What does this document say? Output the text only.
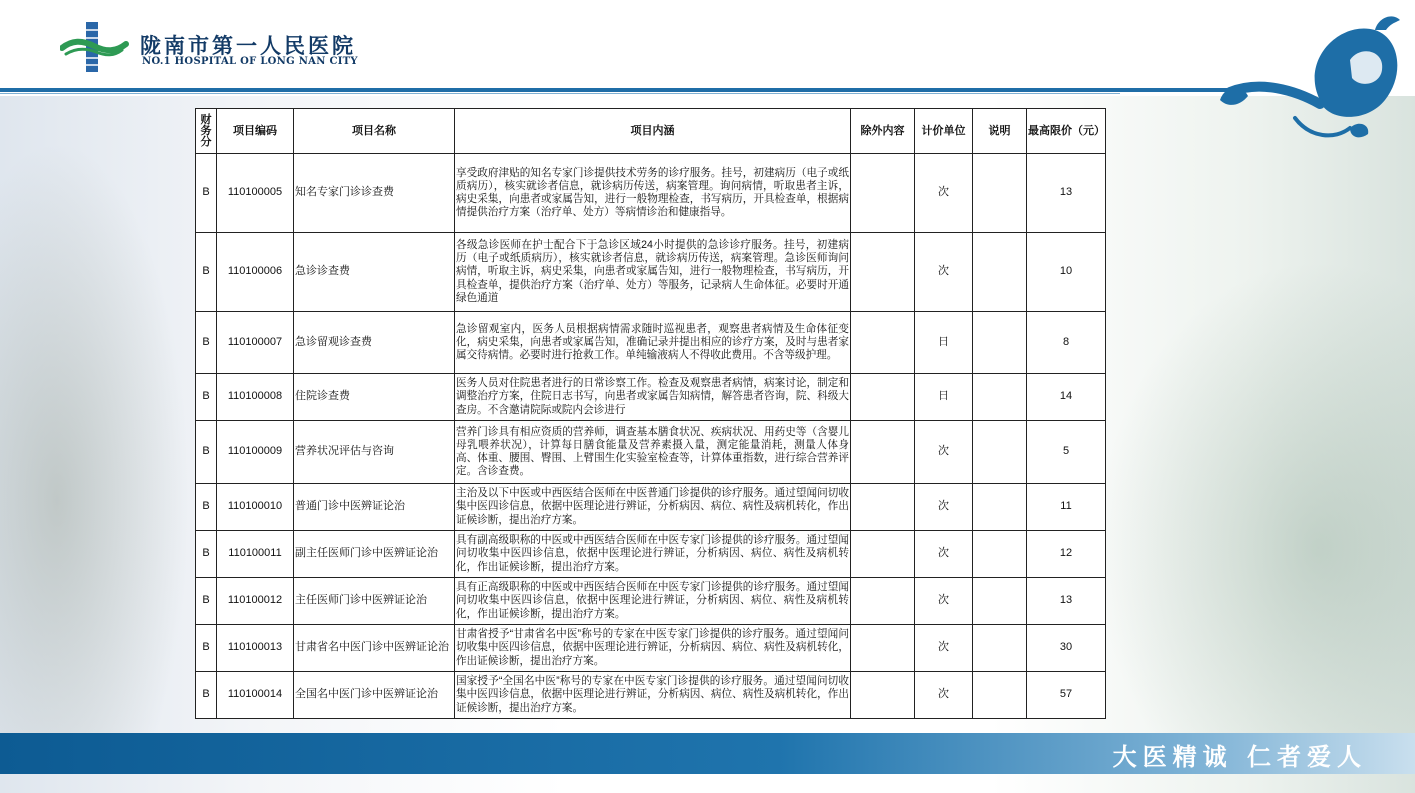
陇南市第一人民医院
NO.1 HOSPITAL OF LONG NAN CITY
财务分	项目编码	项目名称	项目内涵	除外内容	计价单位	说明	最高限价（元）
B	110100005	知名专家门诊诊查费	享受政府津贴的知名专家门诊提供技术劳务的诊疗服务。挂号，初建病历（电子或纸质病历），核实就诊者信息，就诊病历传送，病案管理。询问病情，听取患者主诉，病史采集，向患者或家属告知，进行一般物理检查，书写病历，开具检查单，根据病情提供治疗方案（治疗单、处方）等病情诊治和健康指导。		次		13
B	110100006	急诊诊查费	各级急诊医师在护士配合下于急诊区域24小时提供的急诊诊疗服务。挂号，初建病历（电子或纸质病历），核实就诊者信息，就诊病历传送，病案管理。急诊医师询问病情，听取主诉，病史采集，向患者或家属告知，进行一般物理检查，书写病历，开具检查单，提供治疗方案（治疗单、处方）等服务，记录病人生命体征。必要时开通绿色通道		次		10
B	110100007	急诊留观诊查费	急诊留观室内，医务人员根据病情需求随时巡视患者，观察患者病情及生命体征变化，病史采集，向患者或家属告知，准确记录并提出相应的诊疗方案，及时与患者家属交待病情。必要时进行抢救工作。单纯输液病人不得收此费用。不含等级护理。		日		8
B	110100008	住院诊查费	医务人员对住院患者进行的日常诊察工作。检查及观察患者病情，病案讨论，制定和调整治疗方案，住院日志书写，向患者或家属告知病情，解答患者咨询，院、科级大查房。不含邀请院际或院内会诊进行		日		14
B	110100009	营养状况评估与咨询	营养门诊具有相应资质的营养师，调查基本膳食状况、疾病状况、用药史等（含婴儿母乳喂养状况），计算每日膳食能量及营养素摄入量，测定能量消耗，测量人体身高、体重、腰围、臀围、上臂围生化实验室检查等，计算体重指数，进行综合营养评定。含诊查费。		次		5
B	110100010	普通门诊中医辨证论治	主治及以下中医或中西医结合医师在中医普通门诊提供的诊疗服务。通过望闻问切收集中医四诊信息，依据中医理论进行辨证，分析病因、病位、病性及病机转化，作出证候诊断，提出治疗方案。		次		11
B	110100011	副主任医师门诊中医辨证论治	具有副高级职称的中医或中西医结合医师在中医专家门诊提供的诊疗服务。通过望闻问切收集中医四诊信息，依据中医理论进行辨证，分析病因、病位、病性及病机转化，作出证候诊断，提出治疗方案。		次		12
B	110100012	主任医师门诊中医辨证论治	具有正高级职称的中医或中西医结合医师在中医专家门诊提供的诊疗服务。通过望闻问切收集中医四诊信息，依据中医理论进行辨证，分析病因、病位、病性及病机转化，作出证候诊断，提出治疗方案。		次		13
B	110100013	甘肃省名中医门诊中医辨证论治	甘肃省授予“甘肃省名中医”称号的专家在中医专家门诊提供的诊疗服务。通过望闻问切收集中医四诊信息，依据中医理论进行辨证，分析病因、病位、病性及病机转化，作出证候诊断，提出治疗方案。		次		30
B	110100014	全国名中医门诊中医辨证论治	国家授予“全国名中医”称号的专家在中医专家门诊提供的诊疗服务。通过望闻问切收集中医四诊信息，依据中医理论进行辨证，分析病因、病位、病性及病机转化，作出证候诊断，提出治疗方案。		次		57
大医精诚 仁者爱人
